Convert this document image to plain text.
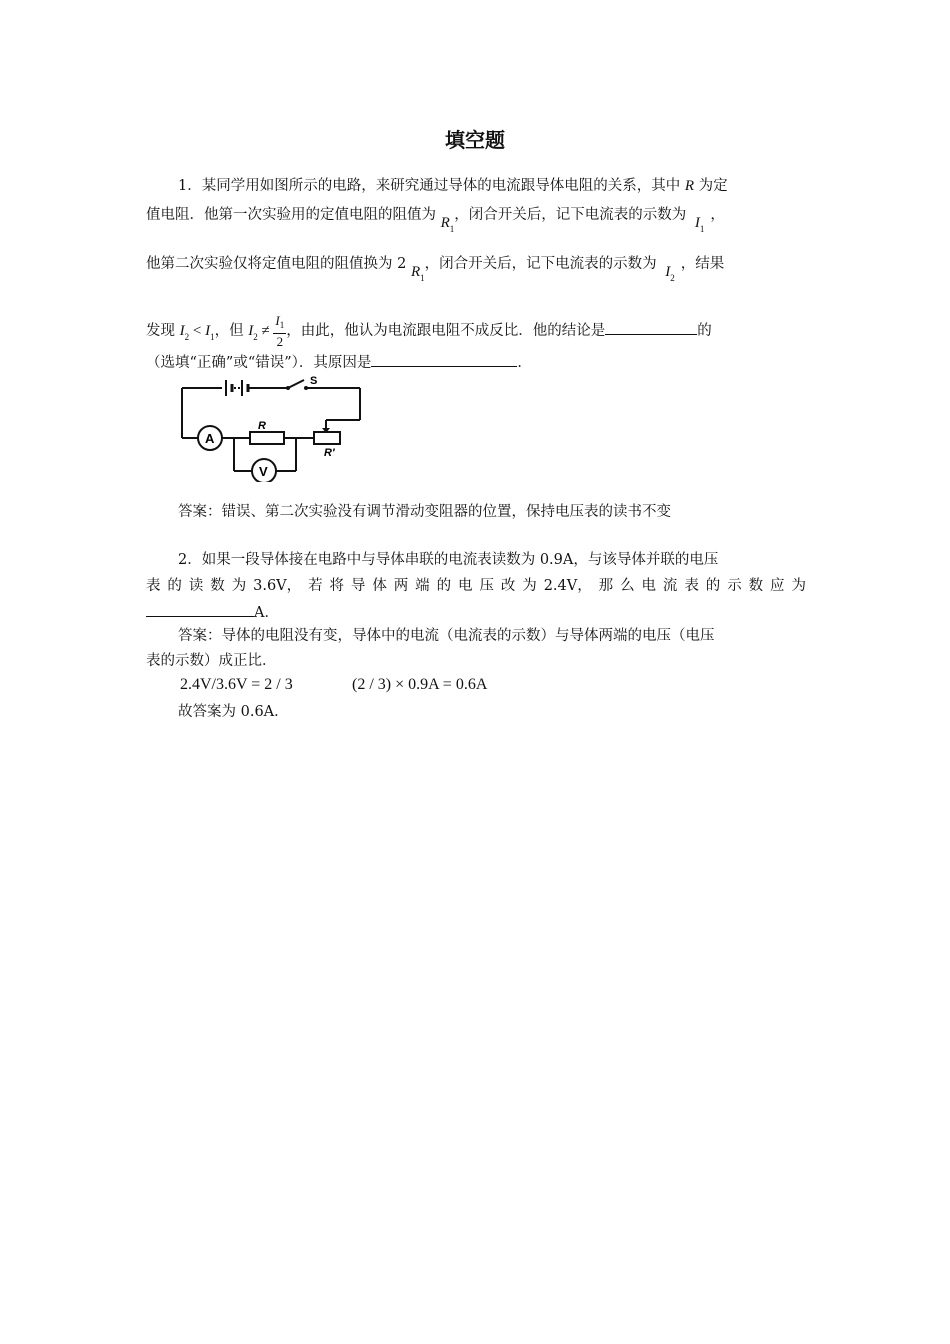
填空题
1．某同学用如图所示的电路，来研究通过导体的电流跟导体电阻的关系，其中 R 为定
值电阻．他第一次实验用的定值电阻的阻值为 $R_1$，闭合开关后，记下电流表的示数为 $I_1$，
他第二次实验仅将定值电阻的阻值换为 2 $R_1$，闭合开关后，记下电流表的示数为 $I_2$，结果
发现 $I_2 < I_1$，但 $I_2 \ne \frac{I_1}{2}$ ，由此，他认为电流跟电阻不成反比．他的结论是	的
（选填“正确”或“错误”）．其原因是	．
S
A
V
R
R′
答案：错误、第二次实验没有调节滑动变阻器的位置，保持电压表的读书不变
2．如果一段导体接在电路中与导体串联的电流表读数为 0.9A，与该导体并联的电压
表 的 读 数 为 3.6V， 若 将 导 体 两 端 的 电 压 改 为 2.4V， 那 么 电 流 表 的 示 数 应 为
A．
答案：导体的电阻没有变，导体中的电流（电流表的示数）与导体两端的电压（电压
表的示数）成正比．
2.4V/3.6V = 2 / 3	(2 / 3) × 0.9A = 0.6A
故答案为 0.6A．
